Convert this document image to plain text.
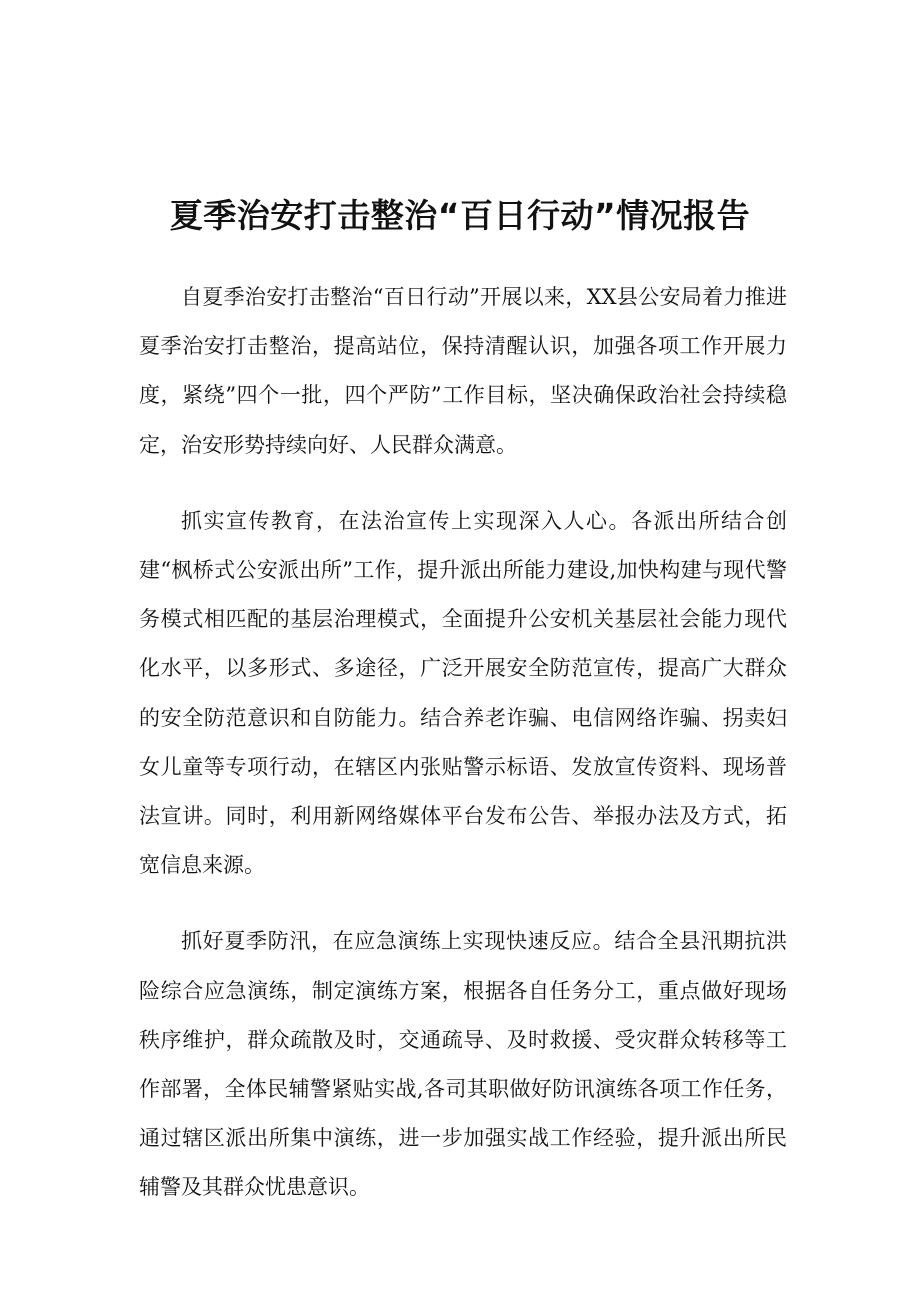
夏季治安打击整治“百日行动”情况报告

自夏季治安打击整治“百日行动”开展以来，XX县公安局着力推进夏季治安打击整治，提高站位，保持清醒认识，加强各项工作开展力度，紧绕”四个一批，四个严防”工作目标，坚决确保政治社会持续稳定，治安形势持续向好、人民群众满意。

抓实宣传教育，在法治宣传上实现深入人心。各派出所结合创建“枫桥式公安派出所”工作，提升派出所能力建设,加快构建与现代警务模式相匹配的基层治理模式，全面提升公安机关基层社会能力现代化水平，以多形式、多途径，广泛开展安全防范宣传，提高广大群众的安全防范意识和自防能力。结合养老诈骗、电信网络诈骗、拐卖妇女儿童等专项行动，在辖区内张贴警示标语、发放宣传资料、现场普法宣讲。同时，利用新网络媒体平台发布公告、举报办法及方式，拓宽信息来源。

抓好夏季防汛，在应急演练上实现快速反应。结合全县汛期抗洪险综合应急演练，制定演练方案，根据各自任务分工，重点做好现场秩序维护，群众疏散及时，交通疏导、及时救援、受灾群众转移等工作部署，全体民辅警紧贴实战,各司其职做好防讯演练各项工作任务，通过辖区派出所集中演练，进一步加强实战工作经验，提升派出所民辅警及其群众忧患意识。
